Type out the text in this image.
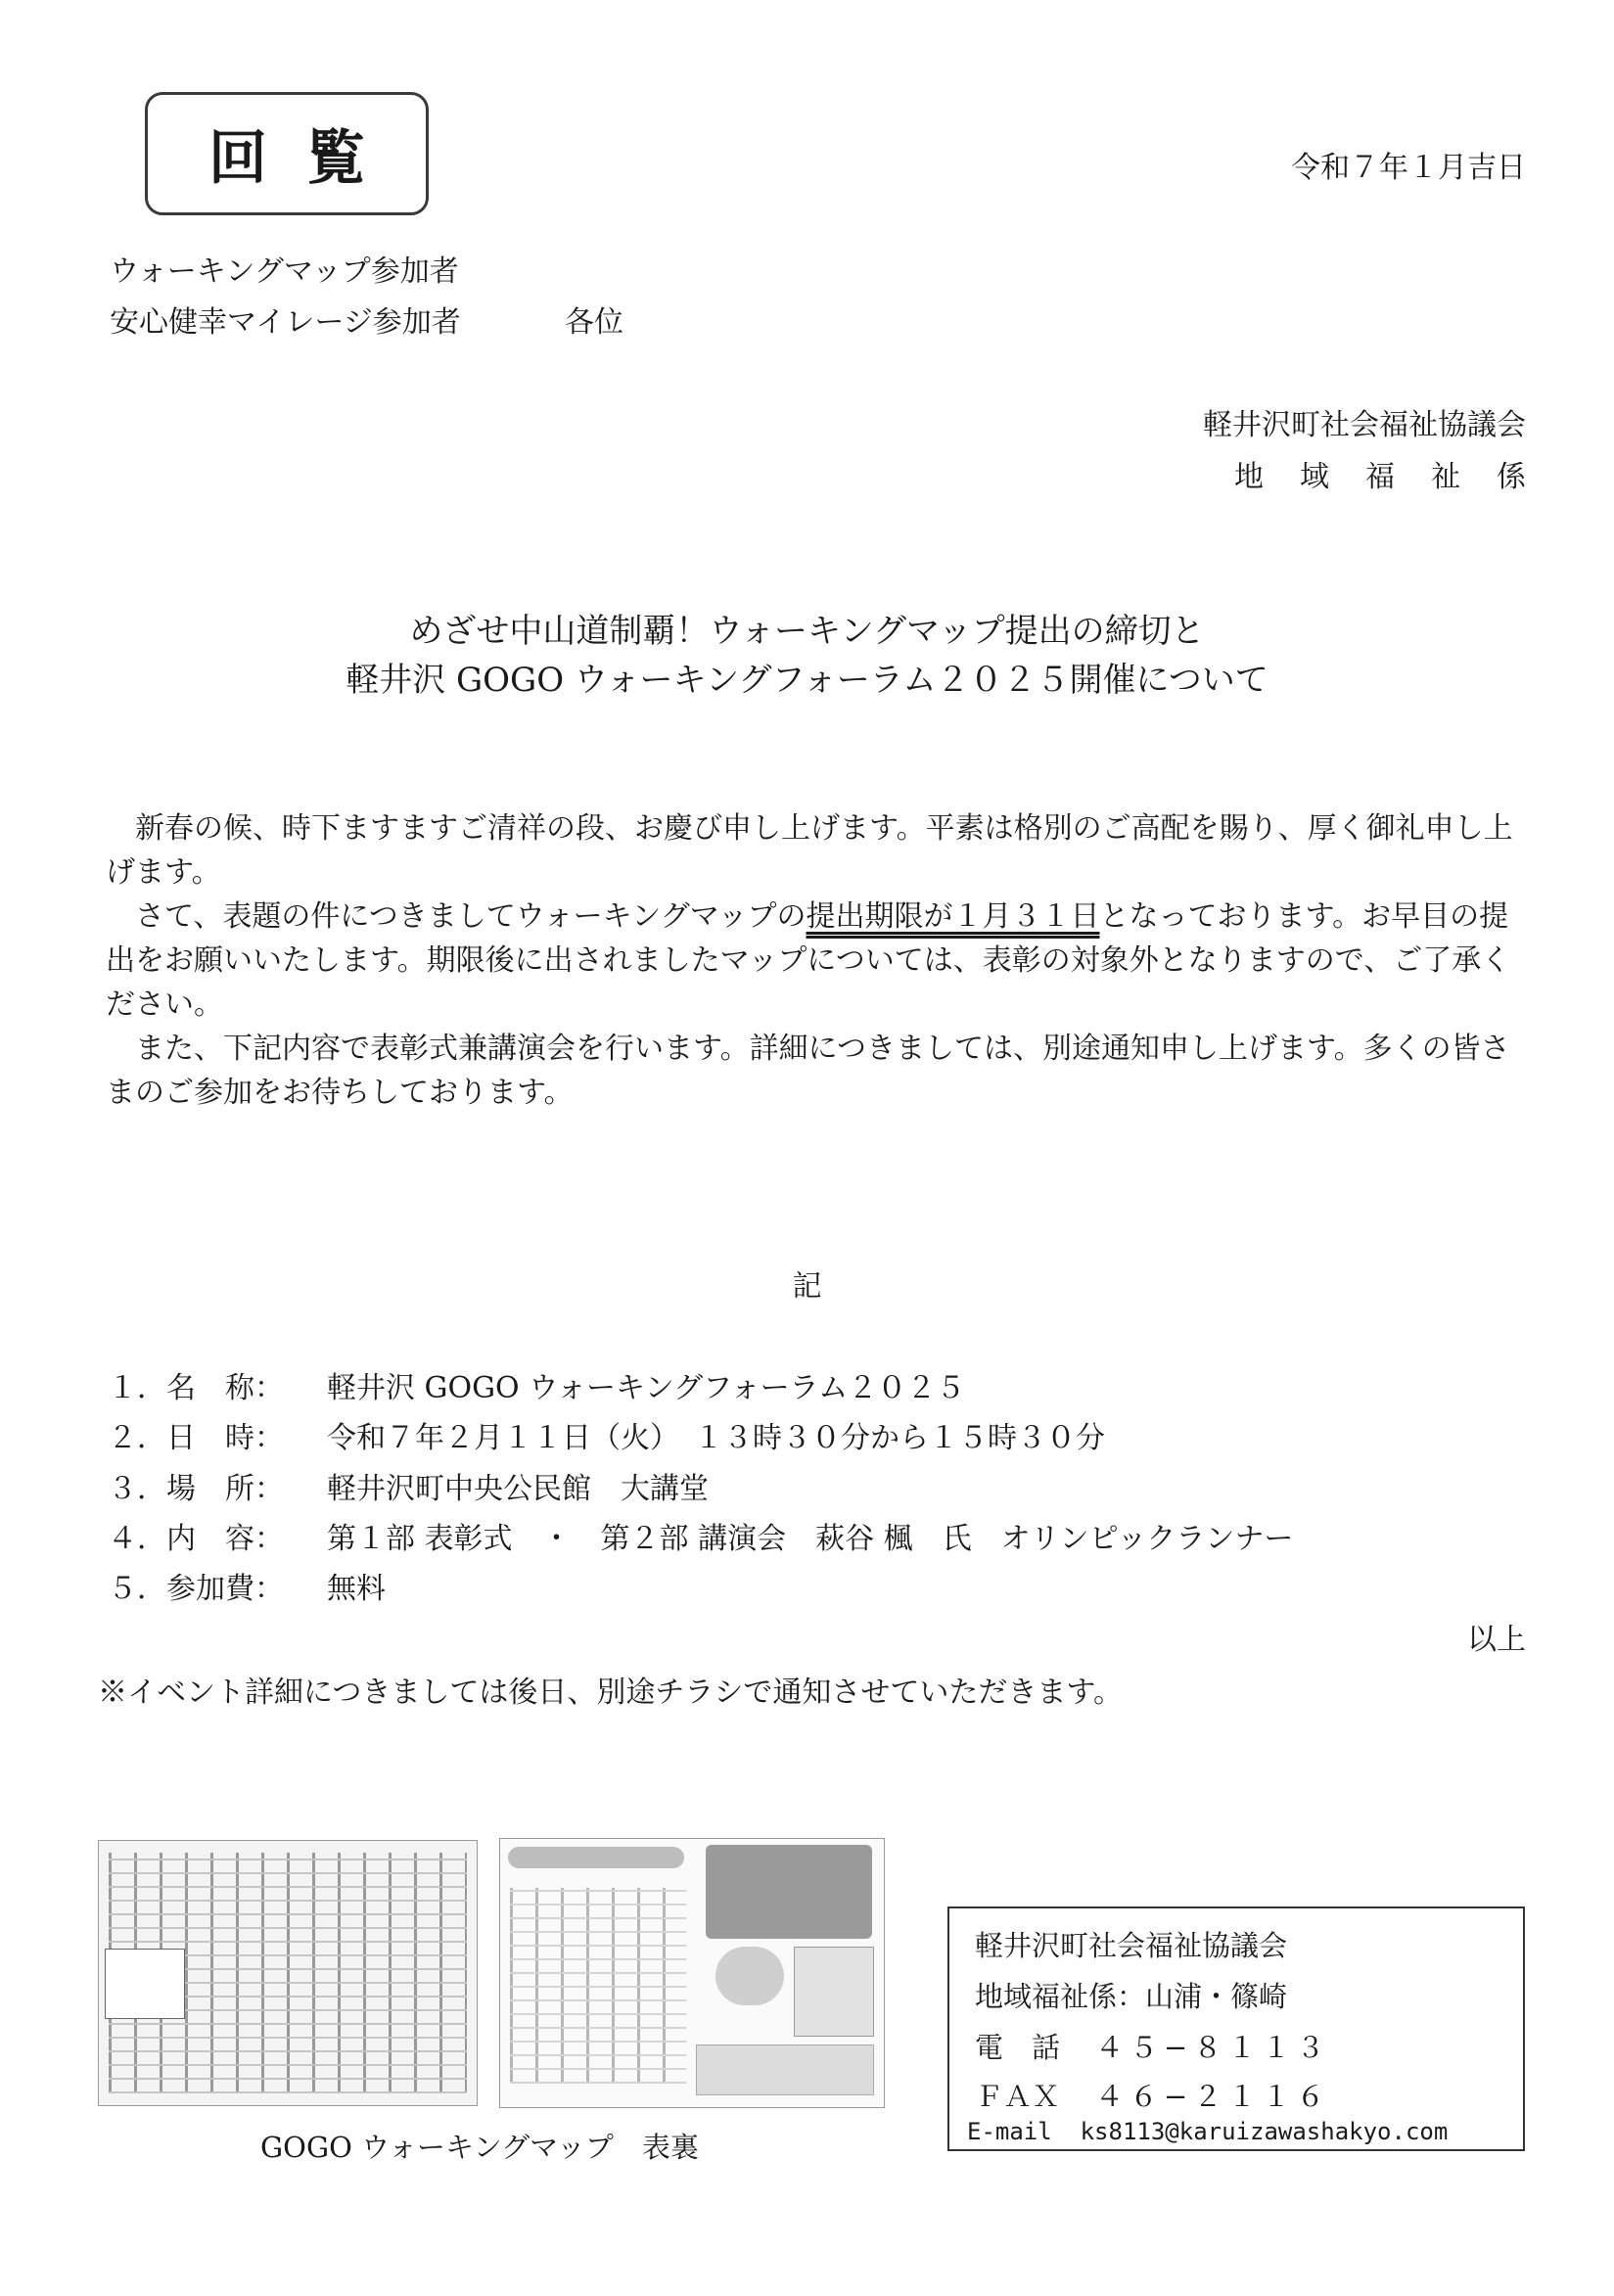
回覧	令和７年１月吉日
ウォーキングマップ参加者
安心健幸マイレージ参加者	各位
軽井沢町社会福祉協議会
地域福祉係
めざせ中山道制覇！ウォーキングマップ提出の締切と
軽井沢 GOGO ウォーキングフォーラム２０２５開催について

新春の候、時下ますますご清祥の段、お慶び申し上げます。平素は格別のご高配を賜り、厚く御礼申し上げます。

さて、表題の件につきましてウォーキングマップの提出期限が１月３１日となっております。お早目の提出をお願いいたします。期限後に出されましたマップについては、表彰の対象外となりますので、ご了承ください。

また、下記内容で表彰式兼講演会を行います。詳細につきましては、別途通知申し上げます。多くの皆さまのご参加をお待ちしております。

記
１．名　称：	軽井沢 GOGO ウォーキングフォーラム２０２５
２．日　時：	令和７年２月１１日（火）　１３時３０分から１５時３０分
３．場　所：	軽井沢町中央公民館　大講堂
４．内　容：	第１部 表彰式　・　第２部 講演会　萩谷 楓　氏　オリンピックランナー
５．参加費：	無料
以上
※イベント詳細につきましては後日、別途チラシで通知させていただきます。
GOGO ウォーキングマップ　表裏
軽井沢町社会福祉協議会
地域福祉係：山浦・篠崎
電　話 ４５−８１１３
ＦＡＸ ４６−２１１６
E-mail ks8113@karuizawashakyo.com
